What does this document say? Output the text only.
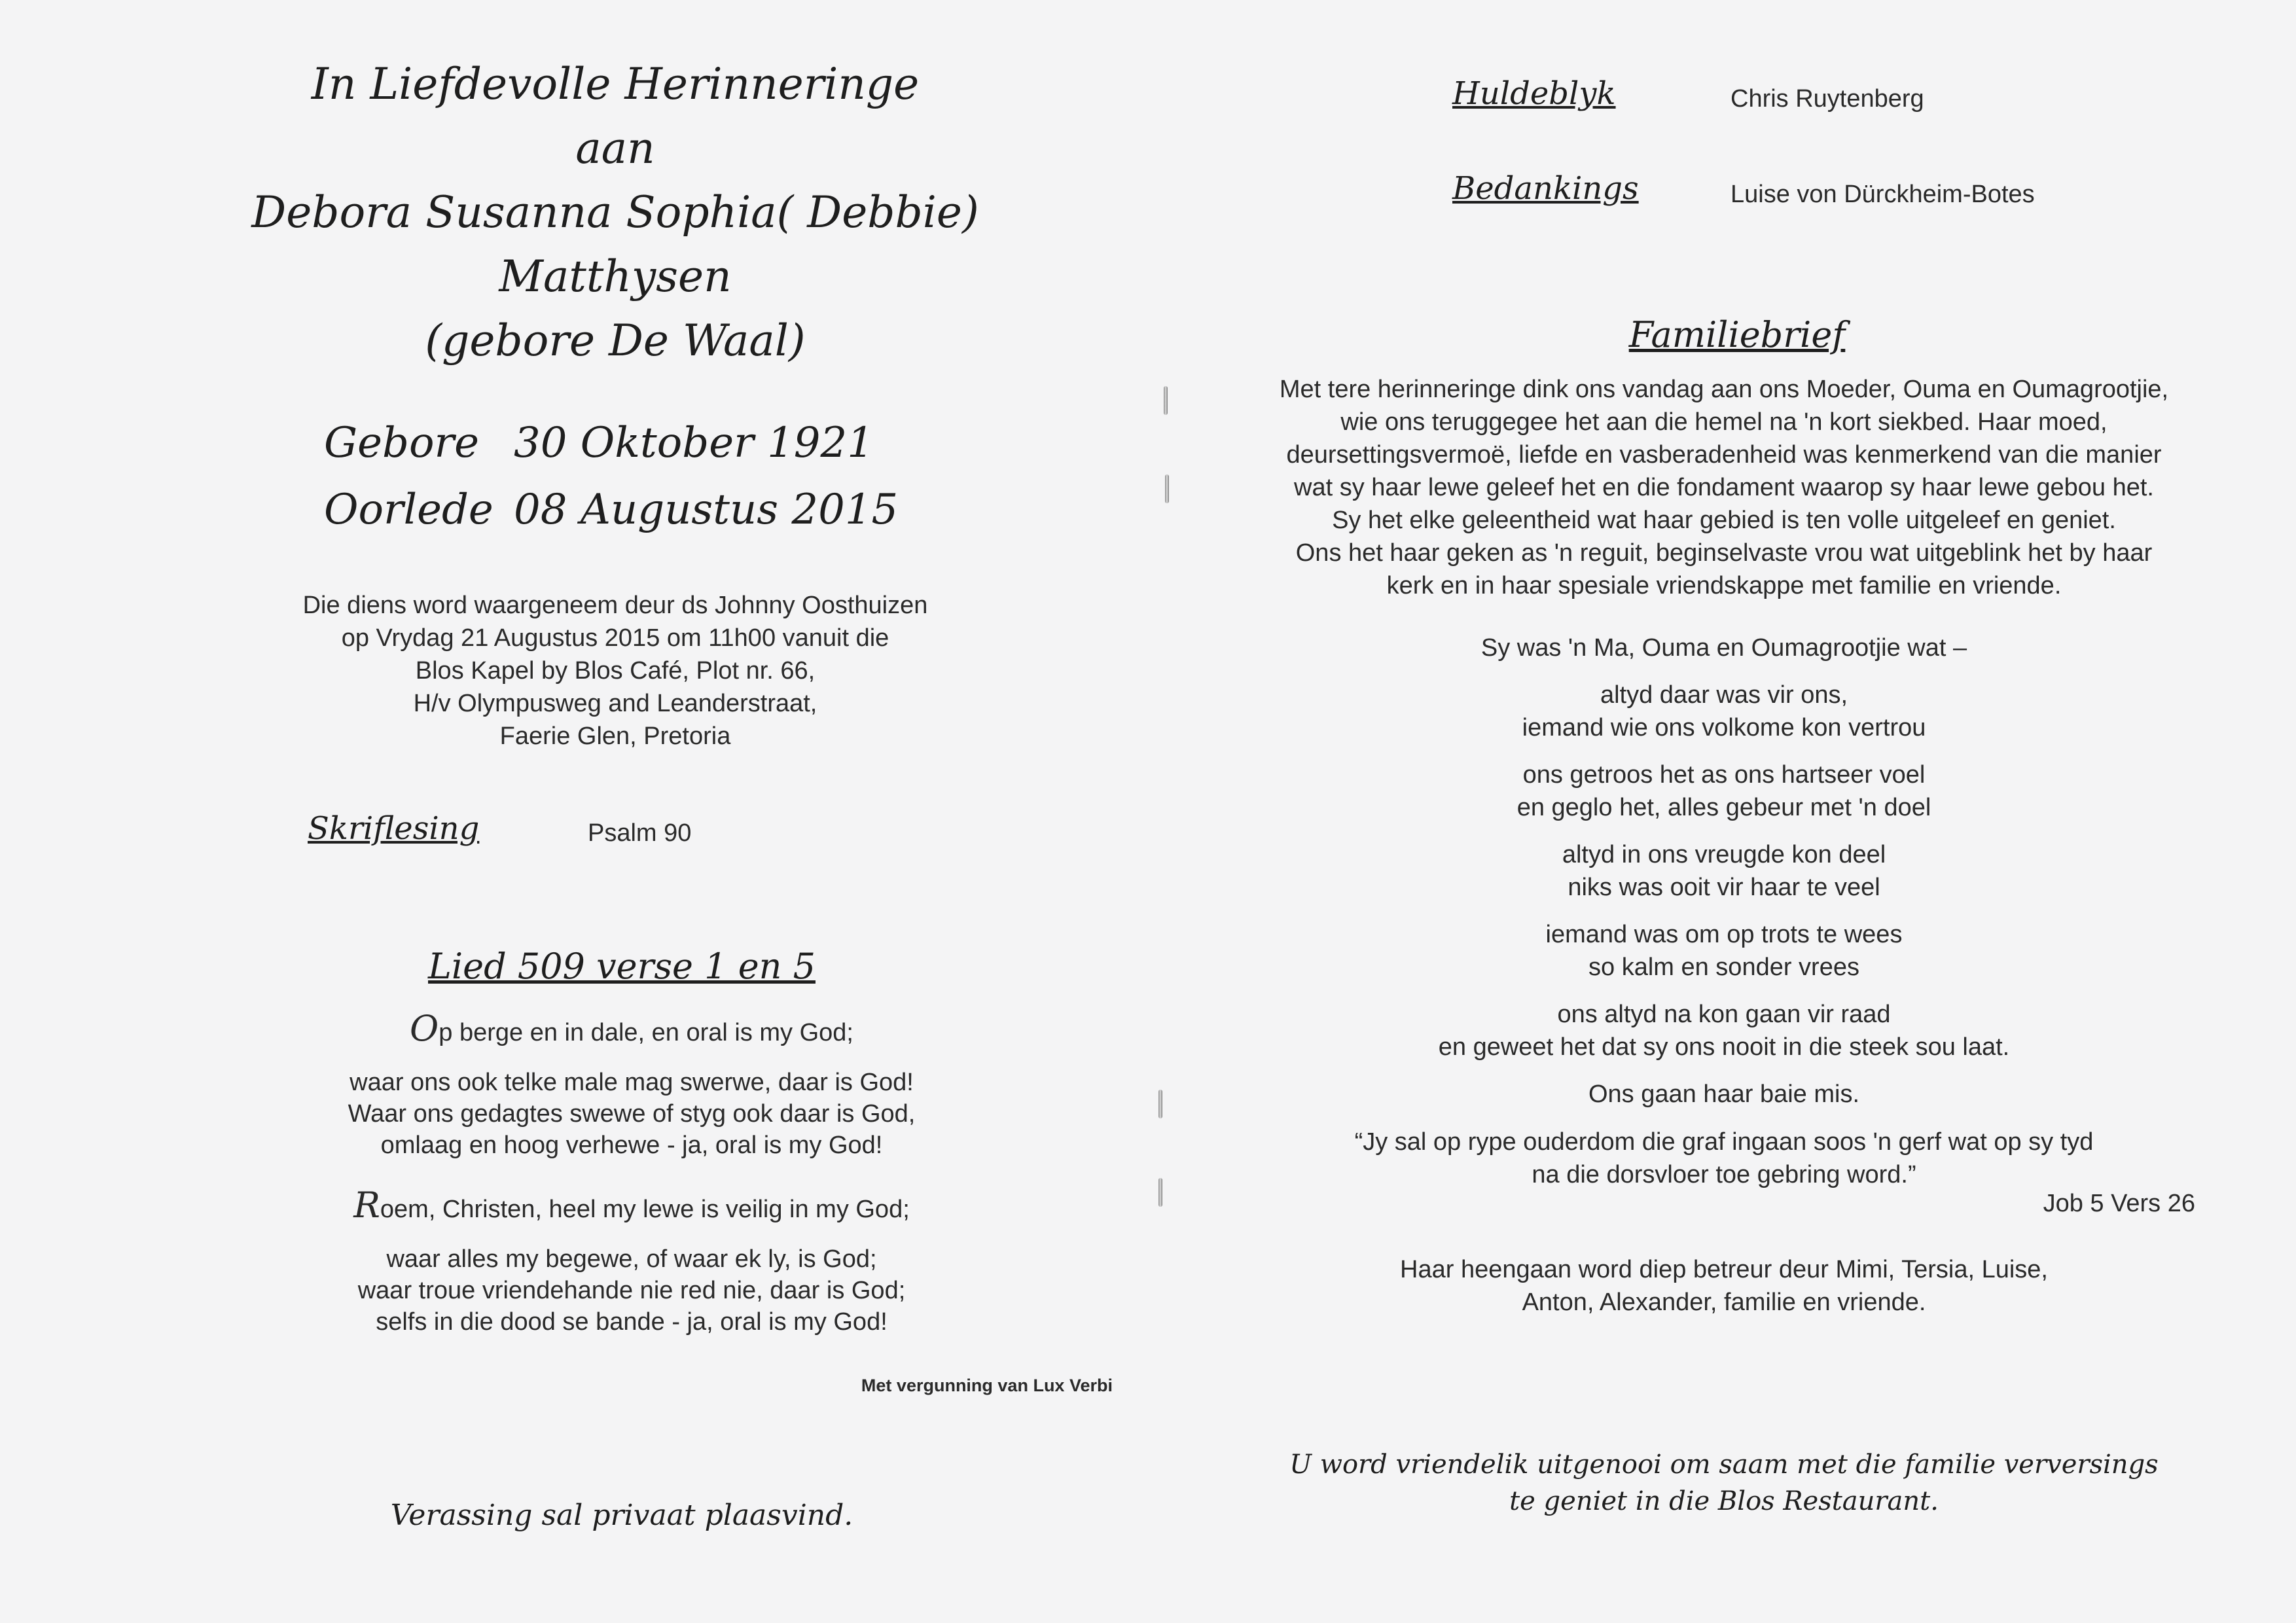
In Liefdevolle Herinneringe
aan
Debora Susanna Sophia( Debbie)
Matthysen
(gebore De Waal)
Gebore 30 Oktober 1921
Oorlede 08 Augustus 2015
Die diens word waargeneem deur ds Johnny Oosthuizen
op Vrydag 21 Augustus 2015 om 11h00 vanuit die
Blos Kapel by Blos Café, Plot nr. 66,
H/v Olympusweg and Leanderstraat,
Faerie Glen, Pretoria
Skriflesing	Psalm 90
Lied 509 verse 1 en 5

Op berge en in dale, en oral is my God;

waar ons ook telke male mag swerwe, daar is God!

Waar ons gedagtes swewe of styg ook daar is God,

omlaag en hoog verhewe - ja, oral is my God!

Roem, Christen, heel my lewe is veilig in my God;

waar alles my begewe, of waar ek ly, is God;

waar troue vriendehande nie red nie, daar is God;

selfs in die dood se bande - ja, oral is my God!

Met vergunning van Lux Verbi
Verassing sal privaat plaasvind.
Huldeblyk	Chris Ruytenberg
Bedankings	Luise von Dürckheim-Botes
Familiebrief

Met tere herinneringe dink ons vandag aan ons Moeder, Ouma en Oumagrootjie,

wie ons teruggegee het aan die hemel na 'n kort siekbed. Haar moed,

deursettingsvermoë, liefde en vasberadenheid was kenmerkend van die manier

wat sy haar lewe geleef het en die fondament waarop sy haar lewe gebou het.

Sy het elke geleentheid wat haar gebied is ten volle uitgeleef en geniet.

Ons het haar geken as 'n reguit, beginselvaste vrou wat uitgeblink het by haar

kerk en in haar spesiale vriendskappe met familie en vriende.

Sy was 'n Ma, Ouma en Oumagrootjie wat –

altyd daar was vir ons,

iemand wie ons volkome kon vertrou

ons getroos het as ons hartseer voel

en geglo het, alles gebeur met 'n doel

altyd in ons vreugde kon deel

niks was ooit vir haar te veel

iemand was om op trots te wees

so kalm en sonder vrees

ons altyd na kon gaan vir raad

en geweet het dat sy ons nooit in die steek sou laat.

Ons gaan haar baie mis.

“Jy sal op rype ouderdom die graf ingaan soos 'n gerf wat op sy tyd

na die dorsvloer toe gebring word.”

Job 5 Vers 26

Haar heengaan word diep betreur deur Mimi, Tersia, Luise,

Anton, Alexander, familie en vriende.

U word vriendelik uitgenooi om saam met die familie verversings

te geniet in die Blos Restaurant.
